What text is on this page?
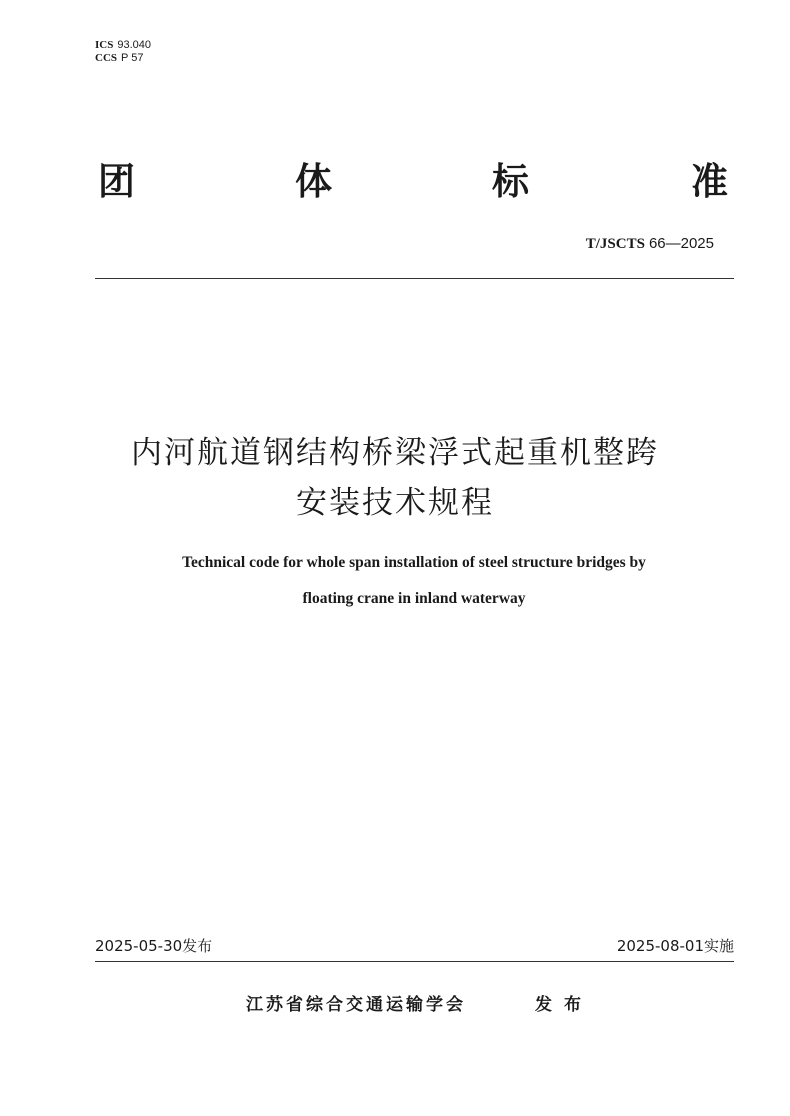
ICS 93.040
CCS P 57
团	体	标	准
T/JSCTS 66—2025
内河航道钢结构桥梁浮式起重机整跨
安装技术规程
Technical code for whole span installation of steel structure bridges by
floating crane in inland waterway
2025-05-30发布	2025-08-01实施
江苏省综合交通运输学会	发布
